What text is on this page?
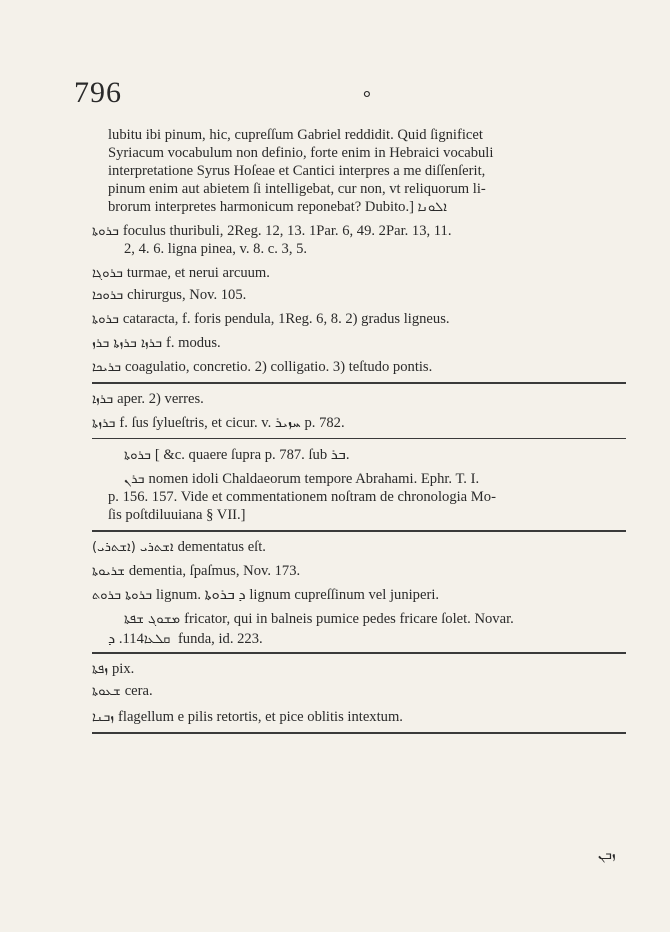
796	ܘ
lubitu ibi pinum, hic, cupreſſum Gabriel reddidit. Quid ſignificet
Syriacum vocabulum non definio, forte enim in Hebraici vocabuli
interpretatione Syrus Hoſeae et Cantici interpres a me diſſenſerit,
pinum enim aut abietem ſi intelligebat, cur non, vt reliquorum li-
brorum interpretes harmonicum reponebat? Dubito.] ܐܠܘܢܐ
ܒܪܘܬܐ foculus thuribuli, 2Reg. 12, 13. 1Par. 6, 49. 2Par. 13, 11.
2, 4. 6. ligna pinea, v. 8. c. 3, 5.
ܒܪܘܓܐ turmae, et nerui arcuum.
ܒܪܘܟܐ chirurgus, Nov. 105.
ܒܪܘܬܐ cataracta, f. foris pendula, 1Reg. 6, 8. 2) gradus ligneus.
ܒܪܙܐ ܒܪܙܬܐ ܒܪܙ f. modus.
ܒܪܝܟܐ coagulatio, concretio. 2) colligatio. 3) teſtudo pontis.
ܒܪܙܐ aper. 2) verres.
ܒܪܙܬܐ f. ſus ſylueſtris, et cicur. v. ܚܙܝܪ p. 782.
ܒܪܘܬܐ [ &c. quaere ſupra p. 787. ſub ܒܪ.
ܒܪܢ nomen idoli Chaldaeorum tempore Abrahami. Ephr. T. I.
p. 156. 157. Vide et commentationem noſtram de chronologia Mo-
ſis poſtdiluuiana § VII.]
(ܐܫܬܪܝ) ܐܫܬܪܝ dementatus eſt.
ܫܪܝܘܬܐ dementia, ſpaſmus, Nov. 173.
ܒܪܘܬܐ ܒܪܘܬ lignum. ܕ ܒܪܘܬܐ lignum cupreſſinum vel juniperi.
ܡܫܘܓ ܫܦܬܐ fricator, qui in balneis pumice pedes fricare ſolet. Novar.
ܩܠܥܐ114. ܕ funda, id. 223.
ܙܦܬܐ pix.
ܫܥܘܬܐ cera.
ܙܒܢܐ flagellum e pilis retortis, et pice oblitis intextum.
ܙܒܢ
